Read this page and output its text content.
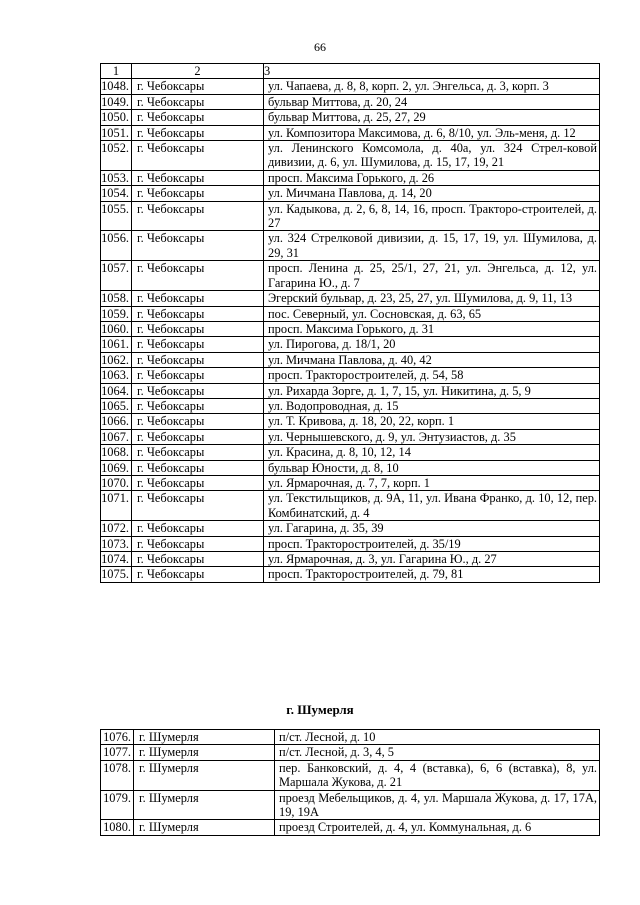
66
1	2	3
1048.	г. Чебоксары	ул. Чапаева, д. 8, 8, корп. 2, ул. Энгельса, д. 3, корп. 3
1049.	г. Чебоксары	бульвар Миттова, д. 20, 24
1050.	г. Чебоксары	бульвар Миттова, д. 25, 27, 29
1051.	г. Чебоксары	ул. Композитора Максимова, д. 6, 8/10, ул. Эль-меня, д. 12
1052.	г. Чебоксары	ул. Ленинского Комсомола, д. 40а, ул. 324 Стрел-ковой дивизии, д. 6, ул. Шумилова, д. 15, 17, 19, 21
1053.	г. Чебоксары	просп. Максима Горького, д. 26
1054.	г. Чебоксары	ул. Мичмана Павлова, д. 14, 20
1055.	г. Чебоксары	ул. Кадыкова, д. 2, 6, 8, 14, 16, просп. Тракторо-строителей, д. 27
1056.	г. Чебоксары	ул. 324 Стрелковой дивизии, д. 15, 17, 19, ул. Шумилова, д. 29, 31
1057.	г. Чебоксары	просп. Ленина д. 25, 25/1, 27, 21, ул. Энгельса, д. 12, ул. Гагарина Ю., д. 7
1058.	г. Чебоксары	Эгерский бульвар, д. 23, 25, 27, ул. Шумилова, д. 9, 11, 13
1059.	г. Чебоксары	пос. Северный, ул. Сосновская, д. 63, 65
1060.	г. Чебоксары	просп. Максима Горького, д. 31
1061.	г. Чебоксары	ул. Пирогова, д. 18/1, 20
1062.	г. Чебоксары	ул. Мичмана Павлова, д. 40, 42
1063.	г. Чебоксары	просп. Тракторостроителей, д. 54, 58
1064.	г. Чебоксары	ул. Рихарда Зорге, д. 1, 7, 15, ул. Никитина, д. 5, 9
1065.	г. Чебоксары	ул. Водопроводная, д. 15
1066.	г. Чебоксары	ул. Т. Кривова, д. 18, 20, 22, корп. 1
1067.	г. Чебоксары	ул. Чернышевского, д. 9, ул. Энтузиастов, д. 35
1068.	г. Чебоксары	ул. Красина, д. 8, 10, 12, 14
1069.	г. Чебоксары	бульвар Юности, д. 8, 10
1070.	г. Чебоксары	ул. Ярмарочная, д. 7, 7, корп. 1
1071.	г. Чебоксары	ул. Текстильщиков, д. 9А, 11, ул. Ивана Франко, д. 10, 12, пер. Комбинатский, д. 4
1072.	г. Чебоксары	ул. Гагарина, д. 35, 39
1073.	г. Чебоксары	просп. Тракторостроителей, д. 35/19
1074.	г. Чебоксары	ул. Ярмарочная, д. 3, ул. Гагарина Ю., д. 27
1075.	г. Чебоксары	просп. Тракторостроителей, д. 79, 81
г. Шумерля
1076.	г. Шумерля	п/ст. Лесной, д. 10
1077.	г. Шумерля	п/ст. Лесной, д. 3, 4, 5
1078.	г. Шумерля	пер. Банковский, д. 4, 4 (вставка), 6, 6 (вставка), 8, ул. Маршала Жукова, д. 21
1079.	г. Шумерля	проезд Мебельщиков, д. 4, ул. Маршала Жукова, д. 17, 17А, 19, 19А
1080.	г. Шумерля	проезд Строителей, д. 4, ул. Коммунальная, д. 6
